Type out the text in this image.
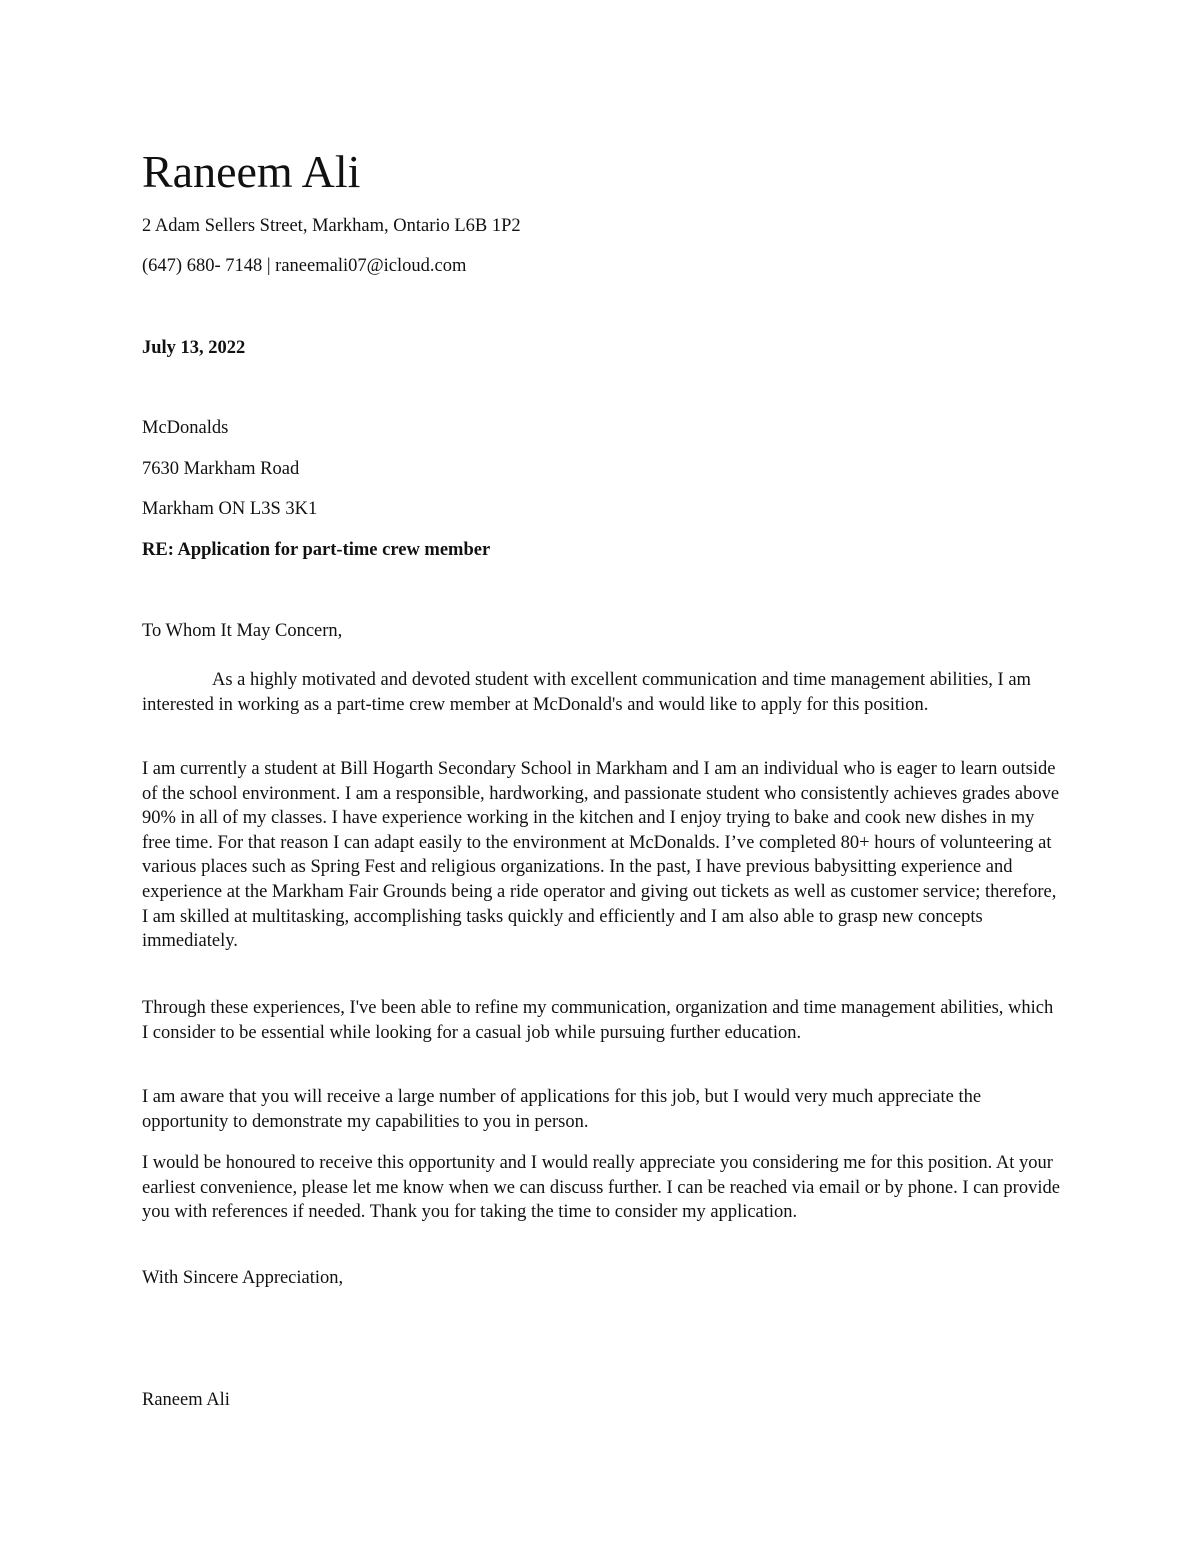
Raneem Ali

2 Adam Sellers Street, Markham, Ontario L6B 1P2

(647) 680- 7148 | raneemali07@icloud.com

July 13, 2022

McDonalds

7630 Markham Road

Markham ON L3S 3K1

RE: Application for part-time crew member

To Whom It May Concern,

As a highly motivated and devoted student with excellent communication and time management abilities, I am interested in working as a part-time crew member at McDonald's and would like to apply for this position.

I am currently a student at Bill Hogarth Secondary School in Markham and I am an individual who is eager to learn outside of the school environment. I am a responsible, hardworking, and passionate student who consistently achieves grades above 90% in all of my classes. I have experience working in the kitchen and I enjoy trying to bake and cook new dishes in my free time. For that reason I can adapt easily to the environment at McDonalds. I’ve completed 80+ hours of volunteering at various places such as Spring Fest and religious organizations. In the past, I have previous babysitting experience and experience at the Markham Fair Grounds being a ride operator and giving out tickets as well as customer service; therefore, I am skilled at multitasking, accomplishing tasks quickly and efficiently and I am also able to grasp new concepts immediately.

Through these experiences, I've been able to refine my communication, organization and time management abilities, which I consider to be essential while looking for a casual job while pursuing further education.

I am aware that you will receive a large number of applications for this job, but I would very much appreciate the opportunity to demonstrate my capabilities to you in person.

I would be honoured to receive this opportunity and I would really appreciate you considering me for this position. At your earliest convenience, please let me know when we can discuss further. I can be reached via email or by phone. I can provide you with references if needed. Thank you for taking the time to consider my application.

With Sincere Appreciation,

Raneem Ali
